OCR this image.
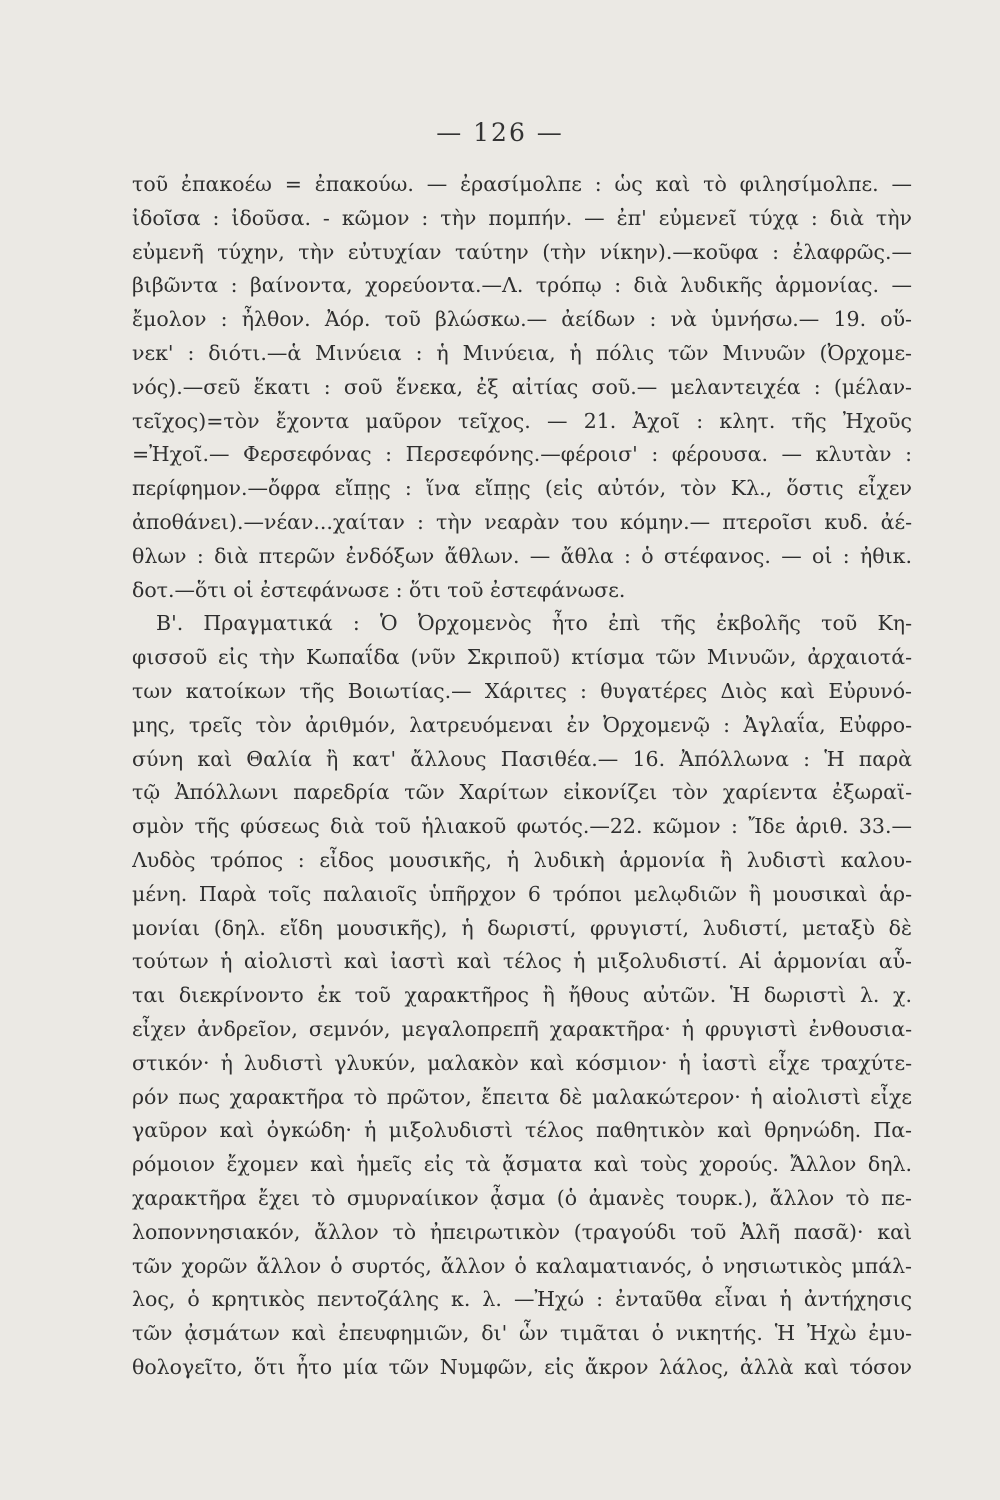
— 126 —
τοῦ ἐπακοέω = ἐπακούω. — ἐρασίμολπε : ὡς καὶ τὸ φιλησίμολπε. —
ἰδοῖσα : ἰδοῦσα. - κῶμον : τὴν πομπήν. — ἐπ' εὐμενεῖ τύχᾳ : διὰ τὴν
εὐμενῆ τύχην, τὴν εὐτυχίαν ταύτην (τὴν νίκην).—κοῦφα : ἐλαφρῶς.—
βιβῶντα : βαίνοντα, χορεύοντα.—Λ. τρόπῳ : διὰ λυδικῆς ἁρμονίας. —
ἔμολον : ἦλθον. Ἀόρ. τοῦ βλώσκω.— ἀείδων : νὰ ὑμνήσω.— 19. οὕ-
νεκ' : διότι.—ἁ Μινύεια : ἡ Μινύεια, ἡ πόλις τῶν Μινυῶν (Ὀρχομε-
νός).—σεῦ ἕκατι : σοῦ ἕνεκα, ἐξ αἰτίας σοῦ.— μελαντειχέα : (μέλαν-
τεῖχος)=τὸν ἔχοντα μαῦρον τεῖχος. — 21. Ἀχοῖ : κλητ. τῆς Ἠχοῦς
=Ἠχοῖ.— Φερσεφόνας : Περσεφόνης.—φέροισ' : φέρουσα. — κλυτὰν :
περίφημον.—ὄφρα εἴπῃς : ἵνα εἴπῃς (εἰς αὐτόν, τὸν Κλ., ὅστις εἶχεν
ἀποθάνει).—νέαν...χαίταν : τὴν νεαρὰν του κόμην.— πτεροῖσι κυδ. ἀέ-
θλων : διὰ πτερῶν ἐνδόξων ἄθλων. — ἄθλα : ὁ στέφανος. — οἱ : ἠθικ.
δοτ.—ὅτι οἱ ἐστεφάνωσε : ὅτι τοῦ ἐστεφάνωσε.
Β'. Πραγματικά : Ὁ Ὀρχομενὸς ἦτο ἐπὶ τῆς ἐκβολῆς τοῦ Κη-
φισσοῦ εἰς τὴν Κωπαΐδα (νῦν Σκριποῦ) κτίσμα τῶν Μινυῶν, ἀρχαιοτά-
των κατοίκων τῆς Βοιωτίας.— Χάριτες : θυγατέρες Διὸς καὶ Εὐρυνό-
μης, τρεῖς τὸν ἀριθμόν, λατρευόμεναι ἐν Ὀρχομενῷ : Ἀγλαΐα, Εὐφρο-
σύνη καὶ Θαλία ἢ κατ' ἄλλους Πασιθέα.— 16. Ἀπόλλωνα : Ἡ παρὰ
τῷ Ἀπόλλωνι παρεδρία τῶν Χαρίτων εἰκονίζει τὸν χαρίεντα ἐξωραϊ-
σμὸν τῆς φύσεως διὰ τοῦ ἡλιακοῦ φωτός.—22. κῶμον : Ἴδε ἀριθ. 33.—
Λυδὸς τρόπος : εἶδος μουσικῆς, ἡ λυδικὴ ἁρμονία ἢ λυδιστὶ καλου-
μένη. Παρὰ τοῖς παλαιοῖς ὑπῆρχον 6 τρόποι μελῳδιῶν ἢ μουσικαὶ ἁρ-
μονίαι (δηλ. εἴδη μουσικῆς), ἡ δωριστί, φρυγιστί, λυδιστί, μεταξὺ δὲ
τούτων ἡ αἰολιστὶ καὶ ἰαστὶ καὶ τέλος ἡ μιξολυδιστί. Αἱ ἁρμονίαι αὗ-
ται διεκρίνοντο ἐκ τοῦ χαρακτῆρος ἢ ἤθους αὐτῶν. Ἡ δωριστὶ λ. χ.
εἶχεν ἀνδρεῖον, σεμνόν, μεγαλοπρεπῆ χαρακτῆρα· ἡ φρυγιστὶ ἐνθουσια-
στικόν· ἡ λυδιστὶ γλυκύν, μαλακὸν καὶ κόσμιον· ἡ ἰαστὶ εἶχε τραχύτε-
ρόν πως χαρακτῆρα τὸ πρῶτον, ἔπειτα δὲ μαλακώτερον· ἡ αἰολιστὶ εἶχε
γαῦρον καὶ ὀγκώδη· ἡ μιξολυδιστὶ τέλος παθητικὸν καὶ θρηνώδη. Πα-
ρόμοιον ἔχομεν καὶ ἡμεῖς εἰς τὰ ᾄσματα καὶ τοὺς χορούς. Ἄλλον δηλ.
χαρακτῆρα ἔχει τὸ σμυρναίικον ᾆσμα (ὁ ἀμανὲς τουρκ.), ἄλλον τὸ πε-
λοποννησιακόν, ἄλλον τὸ ἠπειρωτικὸν (τραγούδι τοῦ Ἀλῆ πασᾶ)· καὶ
τῶν χορῶν ἄλλον ὁ συρτός, ἄλλον ὁ καλαματιανός, ὁ νησιωτικὸς μπάλ-
λος, ὁ κρητικὸς πεντοζάλης κ. λ. —Ἠχώ : ἐνταῦθα εἶναι ἡ ἀντήχησις
τῶν ᾀσμάτων καὶ ἐπευφημιῶν, δι' ὧν τιμᾶται ὁ νικητής. Ἡ Ἠχὼ ἐμυ-
θολογεῖτο, ὅτι ἦτο μία τῶν Νυμφῶν, εἰς ἄκρον λάλος, ἀλλὰ καὶ τόσον
